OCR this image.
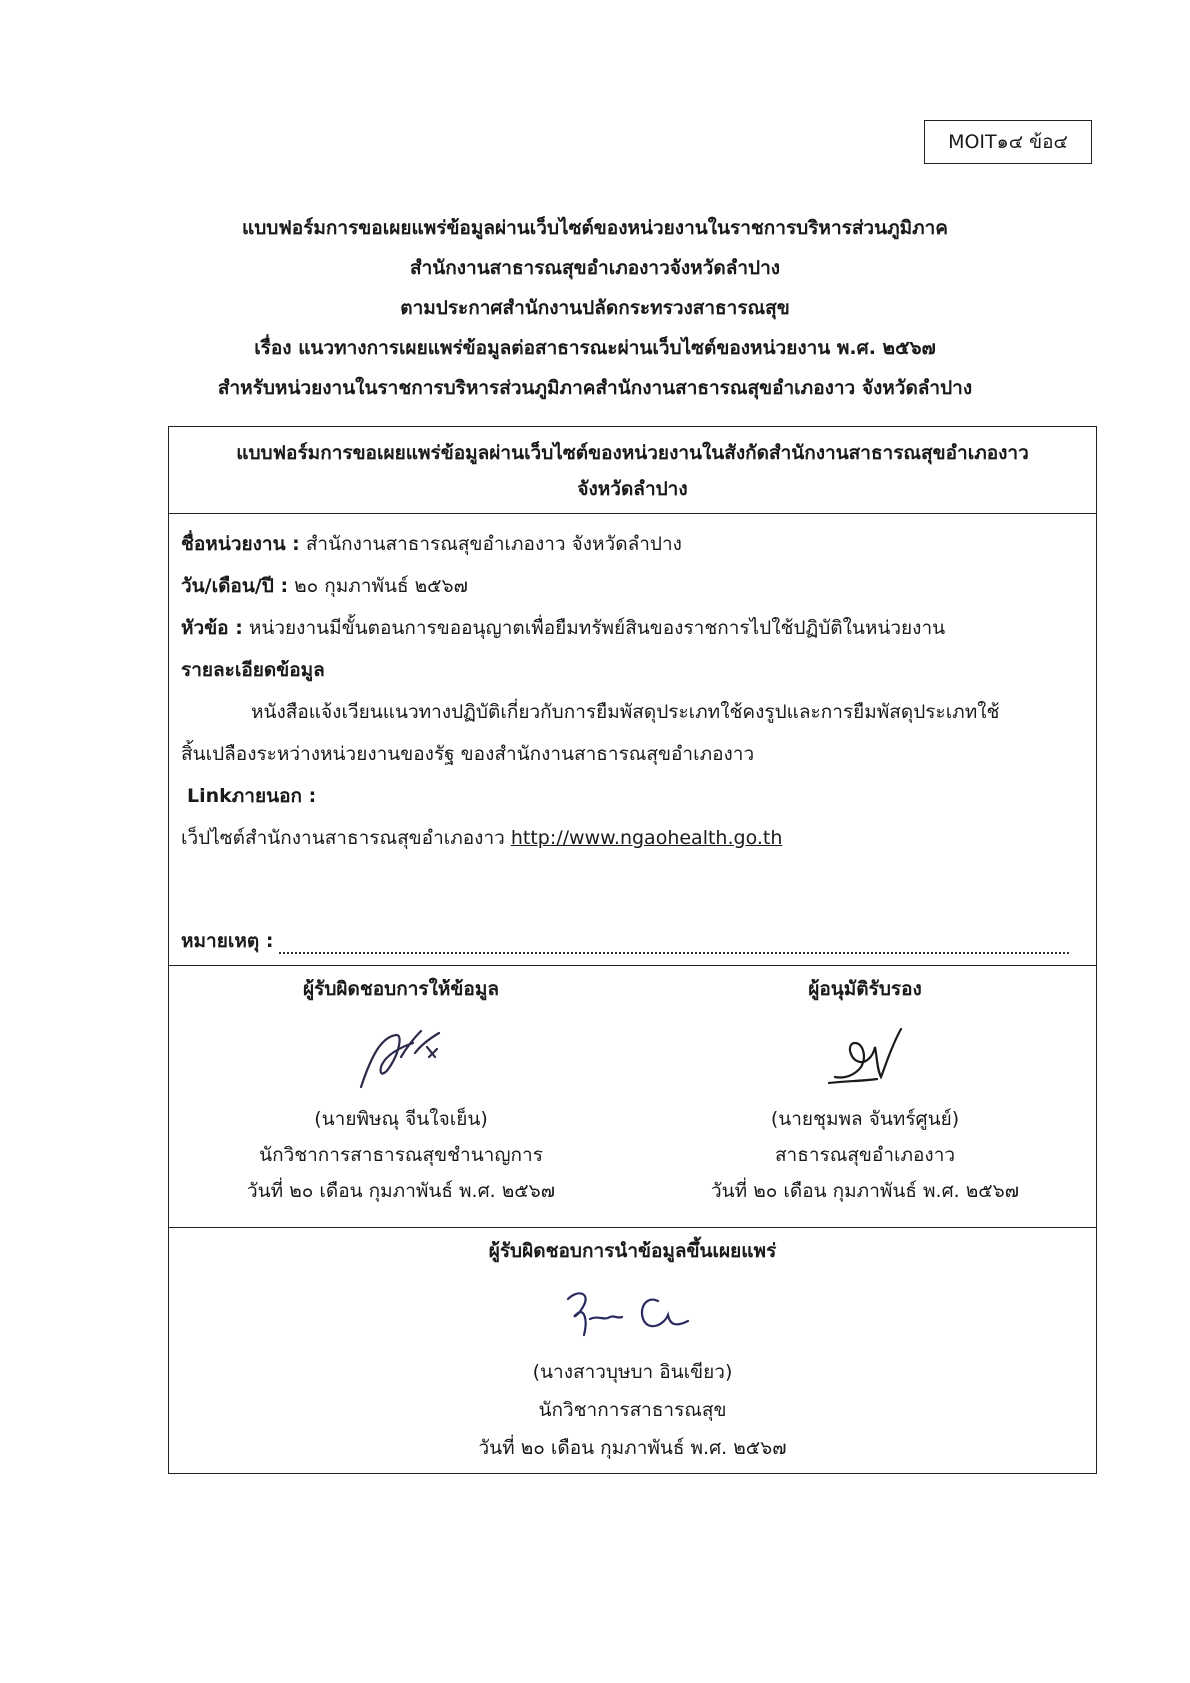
MOIT๑๔ ข้อ๔
แบบฟอร์มการขอเผยแพร่ข้อมูลผ่านเว็บไซต์ของหน่วยงานในราชการบริหารส่วนภูมิภาค
สำนักงานสาธารณสุขอำเภองาวจังหวัดลำปาง
ตามประกาศสำนักงานปลัดกระทรวงสาธารณสุข
เรื่อง แนวทางการเผยแพร่ข้อมูลต่อสาธารณะผ่านเว็บไซต์ของหน่วยงาน พ.ศ. ๒๕๖๗
สำหรับหน่วยงานในราชการบริหารส่วนภูมิภาคสำนักงานสาธารณสุขอำเภองาว จังหวัดลำปาง
แบบฟอร์มการขอเผยแพร่ข้อมูลผ่านเว็บไซต์ของหน่วยงานในสังกัดสำนักงานสาธารณสุขอำเภองาว
จังหวัดลำปาง
ชื่อหน่วยงาน : สำนักงานสาธารณสุขอำเภองาว จังหวัดลำปาง
วัน/เดือน/ปี : ๒๐ กุมภาพันธ์ ๒๕๖๗
หัวข้อ : หน่วยงานมีขั้นตอนการขออนุญาตเพื่อยืมทรัพย์สินของราชการไปใช้ปฏิบัติในหน่วยงาน
รายละเอียดข้อมูล
หนังสือแจ้งเวียนแนวทางปฏิบัติเกี่ยวกับการยืมพัสดุประเภทใช้คงรูปและการยืมพัสดุประเภทใช้
สิ้นเปลืองระหว่างหน่วยงานของรัฐ ของสำนักงานสาธารณสุขอำเภองาว
Linkภายนอก :
เว็ปไซต์สำนักงานสาธารณสุขอำเภองาว http://www.ngaohealth.go.th
หมายเหตุ :
ผู้รับผิดชอบการให้ข้อมูล
(นายพิษณุ จีนใจเย็น)
นักวิชาการสาธารณสุขชำนาญการ
วันที่ ๒๐ เดือน กุมภาพันธ์ พ.ศ. ๒๕๖๗
ผู้อนุมัติรับรอง
(นายชุมพล จันทร์ศูนย์)
สาธารณสุขอำเภองาว
วันที่ ๒๐ เดือน กุมภาพันธ์ พ.ศ. ๒๕๖๗
ผู้รับผิดชอบการนำข้อมูลขึ้นเผยแพร่
(นางสาวบุษบา อินเขียว)
นักวิชาการสาธารณสุข
วันที่ ๒๐ เดือน กุมภาพันธ์ พ.ศ. ๒๕๖๗
